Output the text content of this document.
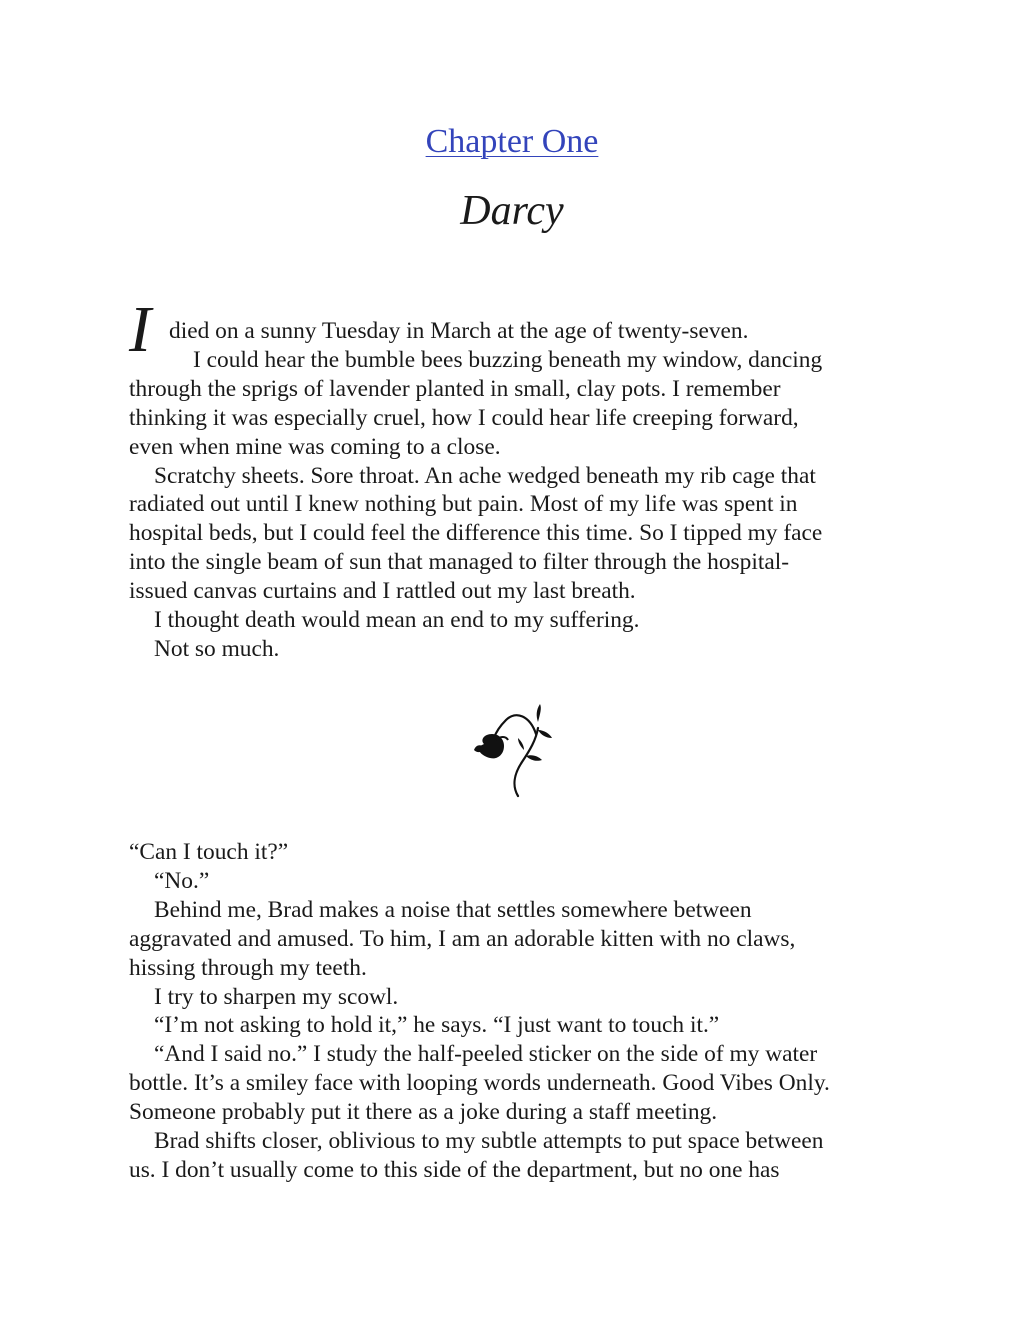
Chapter One
Darcy
I died on a sunny Tuesday in March at the age of twenty-seven.

I could hear the bumble bees buzzing beneath my window, dancing

through the sprigs of lavender planted in small, clay pots. I remember

thinking it was especially cruel, how I could hear life creeping forward,

even when mine was coming to a close.

Scratchy sheets. Sore throat. An ache wedged beneath my rib cage that

radiated out until I knew nothing but pain. Most of my life was spent in

hospital beds, but I could feel the difference this time. So I tipped my face

into the single beam of sun that managed to filter through the hospital-

issued canvas curtains and I rattled out my last breath.

I thought death would mean an end to my suffering.

Not so much.

“Can I touch it?”

“No.”

Behind me, Brad makes a noise that settles somewhere between

aggravated and amused. To him, I am an adorable kitten with no claws,

hissing through my teeth.

I try to sharpen my scowl.

“I’m not asking to hold it,” he says. “I just want to touch it.”

“And I said no.” I study the half-peeled sticker on the side of my water

bottle. It’s a smiley face with looping words underneath. Good Vibes Only.

Someone probably put it there as a joke during a staff meeting.

Brad shifts closer, oblivious to my subtle attempts to put space between

us. I don’t usually come to this side of the department, but no one has
